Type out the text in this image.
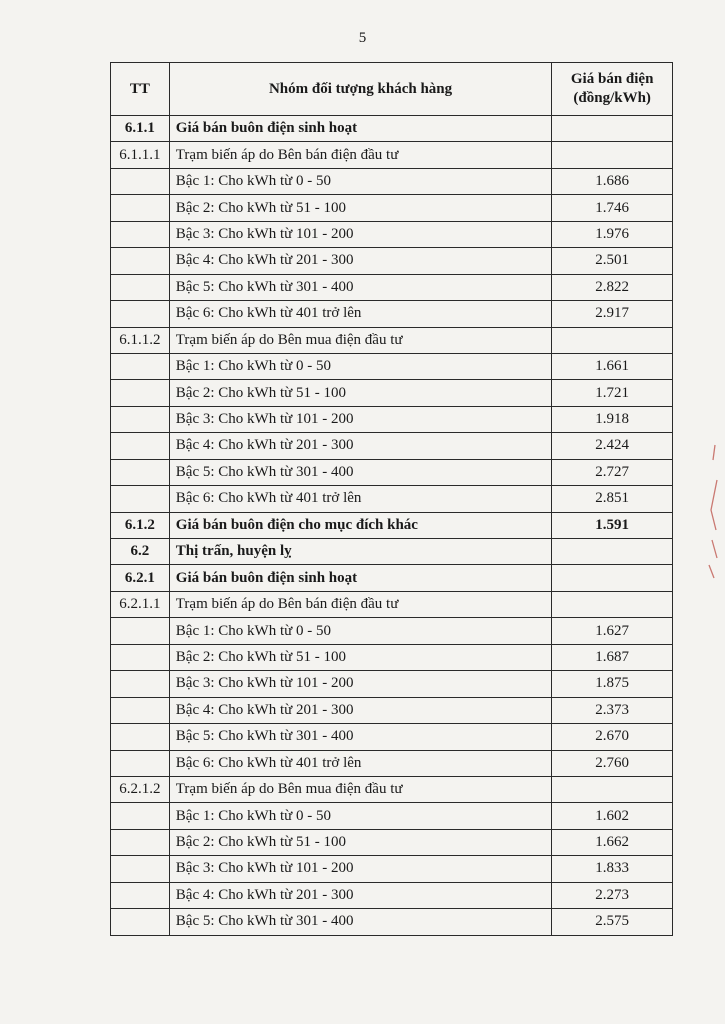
5
TT	Nhóm đối tượng khách hàng	Giá bán điện
(đồng/kWh)
6.1.1	Giá bán buôn điện sinh hoạt	
6.1.1.1	Trạm biến áp do Bên bán điện đầu tư	
	Bậc 1: Cho kWh từ 0 - 50	1.686
	Bậc 2: Cho kWh từ 51 - 100	1.746
	Bậc 3: Cho kWh từ 101 - 200	1.976
	Bậc 4: Cho kWh từ 201 - 300	2.501
	Bậc 5: Cho kWh từ 301 - 400	2.822
	Bậc 6: Cho kWh từ 401 trở lên	2.917
6.1.1.2	Trạm biến áp do Bên mua điện đầu tư	
	Bậc 1: Cho kWh từ 0 - 50	1.661
	Bậc 2: Cho kWh từ 51 - 100	1.721
	Bậc 3: Cho kWh từ 101 - 200	1.918
	Bậc 4: Cho kWh từ 201 - 300	2.424
	Bậc 5: Cho kWh từ 301 - 400	2.727
	Bậc 6: Cho kWh từ 401 trở lên	2.851
6.1.2	Giá bán buôn điện cho mục đích khác	1.591
6.2	Thị trấn, huyện lỵ	
6.2.1	Giá bán buôn điện sinh hoạt	
6.2.1.1	Trạm biến áp do Bên bán điện đầu tư	
	Bậc 1: Cho kWh từ 0 - 50	1.627
	Bậc 2: Cho kWh từ 51 - 100	1.687
	Bậc 3: Cho kWh từ 101 - 200	1.875
	Bậc 4: Cho kWh từ 201 - 300	2.373
	Bậc 5: Cho kWh từ 301 - 400	2.670
	Bậc 6: Cho kWh từ 401 trở lên	2.760
6.2.1.2	Trạm biến áp do Bên mua điện đầu tư	
	Bậc 1: Cho kWh từ 0 - 50	1.602
	Bậc 2: Cho kWh từ 51 - 100	1.662
	Bậc 3: Cho kWh từ 101 - 200	1.833
	Bậc 4: Cho kWh từ 201 - 300	2.273
	Bậc 5: Cho kWh từ 301 - 400	2.575
